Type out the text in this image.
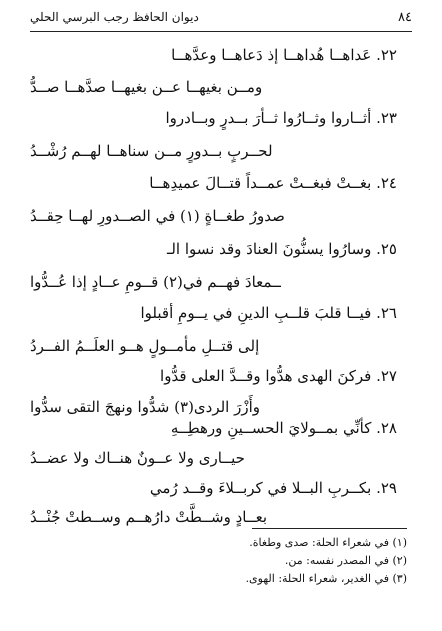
٨٤
ديوان الحافظ رجب البرسي الحلي
٢٢. عَداهــا هُداهــا إذ دَعاهــا وعدَّهــا
ومــن بغيهــا عــن بغيهــا صدَّهــا صــدُّ
٢٣. أثــاروا وثــارُوا ثــأرَ بــدرٍ وبــادروا
لحــربٍ بــدورٍ مــن سناهــا لهــم رُشْــدُ
٢٤. بغــتْ فبغــتْ عمــداً قتــالَ عميدِهــا
صدورُ طغــاةٍ (١) في الصــدورِ لهــا حِقــدُ
٢٥. وسارُوا يسنُّونَ العنادَ وقد نسوا الـ
ــمعادَ فهــم في(٢) قــومِ عــادٍ إذا عُــدُّوا
٢٦. فيــا قلبَ قلــبِ الدينِ في يــومِ أقبلوا
إلى قتــلِ مأمــولٍ هــو العلَــمُ الفــردُ
٢٧. فركنَ الهدى هدُّوا وقــدَّ العلى قدُّوا
وأَزْرَ الردى(٣) شدُّوا ونهجَ التقى سدُّوا
٢٨. كأنِّي بمــولايَ الحســينِ ورهطِــهِ
حيــارى ولا عــونٌ هنــاك ولا عضــدُ
٢٩. بكــربِ البــلا في كربــلاءَ وقــد رُمي
(١) في شعراء الحلة: صدى وطغاة.
(٢) في المصدر نفسه: من.
(٣) في الغدير، شعراء الحلة: الهوى.
بعــادٍ وشــطَّتْ دارُهــم وســطتْ جُنْــدُ
